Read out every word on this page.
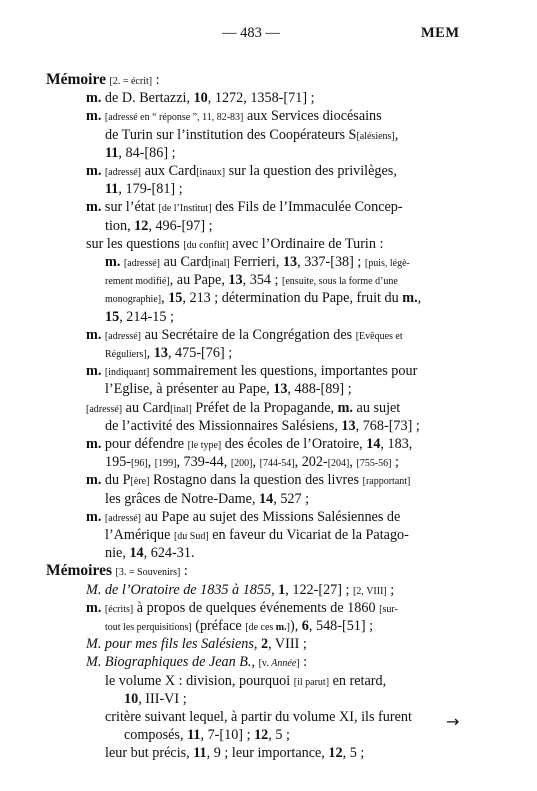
— 483 —	MEM
Mémoire [2. = écrit] :
m. de D. Bertazzi, 10, 1272, 1358-[71] ;
m. [adressé en “ réponse ”, 11, 82-83] aux Services diocésains
de Turin sur l’institution des Coopérateurs S[alésiens],
11, 84-[86] ;
m. [adressé] aux Card[inaux] sur la question des privilèges,
11, 179-[81] ;
m. sur l’état [de l’Institut] des Fils de l’Immaculée Concep-
tion, 12, 496-[97] ;
sur les questions [du conflit] avec l’Ordinaire de Turin :
m. [adressé] au Card[inal] Ferrieri, 13, 337-[38] ; [puis, légè-
rement modifié], au Pape, 13, 354 ; [ensuite, sous la forme d’une
monographie], 15, 213 ; détermination du Pape, fruit du m.,
15, 214-15 ;
m. [adressé] au Secrétaire de la Congrégation des [Evêques et
Réguliers], 13, 475-[76] ;
m. [indiquant] sommairement les questions, importantes pour
l’Eglise, à présenter au Pape, 13, 488-[89] ;
[adressé] au Card[inal] Préfet de la Propagande, m. au sujet
de l’activité des Missionnaires Salésiens, 13, 768-[73] ;
m. pour défendre [le type] des écoles de l’Oratoire, 14, 183,
195-[96], [199], 739-44, [200], [744-54], 202-[204], [755-56] ;
m. du P[ère] Rostagno dans la question des livres [rapportant]
les grâces de Notre-Dame, 14, 527 ;
m. [adressé] au Pape au sujet des Missions Salésiennes de
l’Amérique [du Sud] en faveur du Vicariat de la Patago-
nie, 14, 624-31.
Mémoires [3. = Souvenirs] :
M. de l’Oratoire de 1835 à 1855, 1, 122-[27] ; [2, VIII] ;
m. [écrits] à propos de quelques événements de 1860 [sur-
tout les perquisitions] (préface [de ces m.]), 6, 548-[51] ;
M. pour mes fils les Salésiens, 2, VIII ;
M. Biographiques de Jean B., [v. Année] :
le volume X : division, pourquoi [il parut] en retard,
10, III-VI ;
critère suivant lequel, à partir du volume XI, ils furent
composés, 11, 7-[10] ; 12, 5 ;
leur but précis, 11, 9 ; leur importance, 12, 5 ;
→
